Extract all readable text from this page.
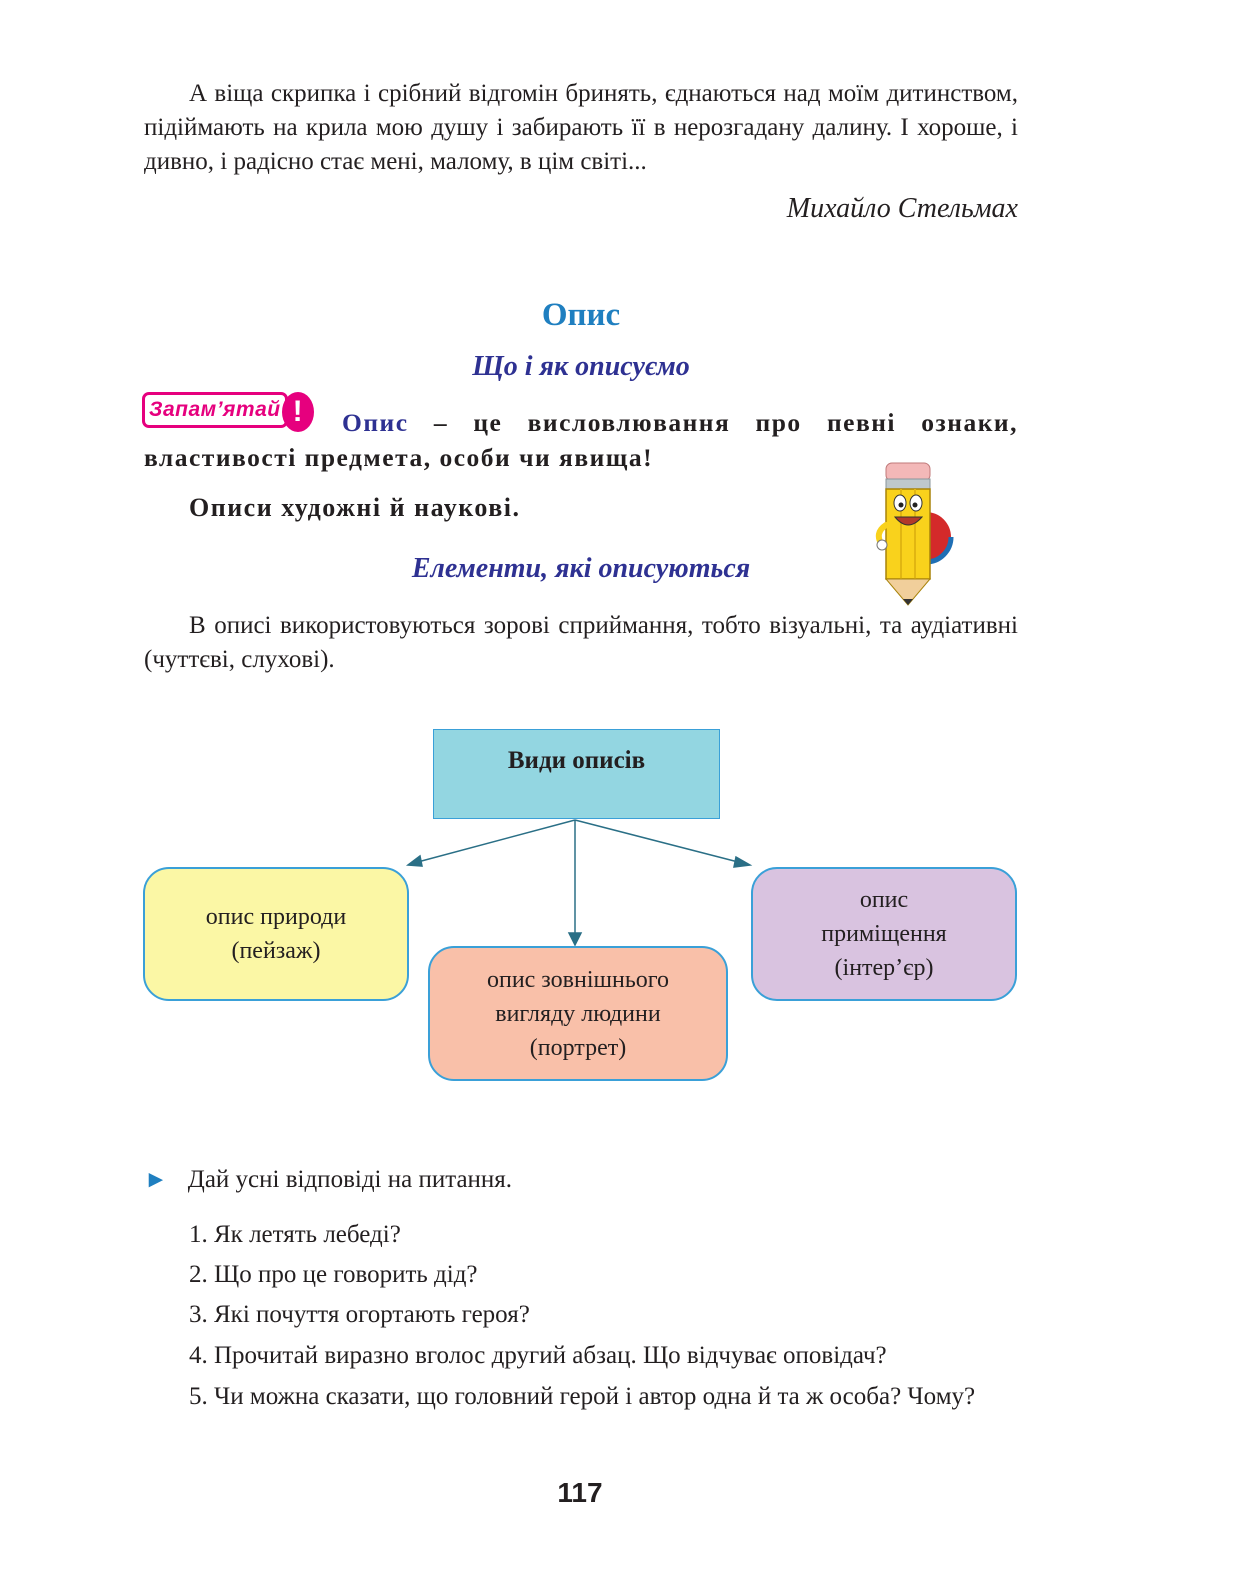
А віща скрипка і срібний відгомін бринять, єднаються над моїм дитинством, підіймають на крила мою душу і забирають її в нерозгадану далину. І хороше, і дивно, і радісно стає мені, малому, в цім світі...
Михайло Стельмах
Опис
Що і як описуємо
Запам’ятай !	Опис – це висловлювання про певні ознаки, властивості предмета, особи чи явища!
Описи художні й наукові.
Елементи, які описуються
В описі використовуються зорові сприймання, тобто візуальні, та аудіативні (чуттєві, слухові).
Види описів
опис природи
(пейзаж)
опис зовнішнього
вигляду людини
(портрет)
опис
приміщення
(інтер’єр)
► Дай усні відповіді на питання.
1. Як летять лебеді?
2. Що про це говорить дід?
3. Які почуття огортають героя?
4. Прочитай виразно вголос другий абзац. Що відчуває оповідач?
5. Чи можна сказати, що головний герой і автор одна й та ж особа? Чому?
117
